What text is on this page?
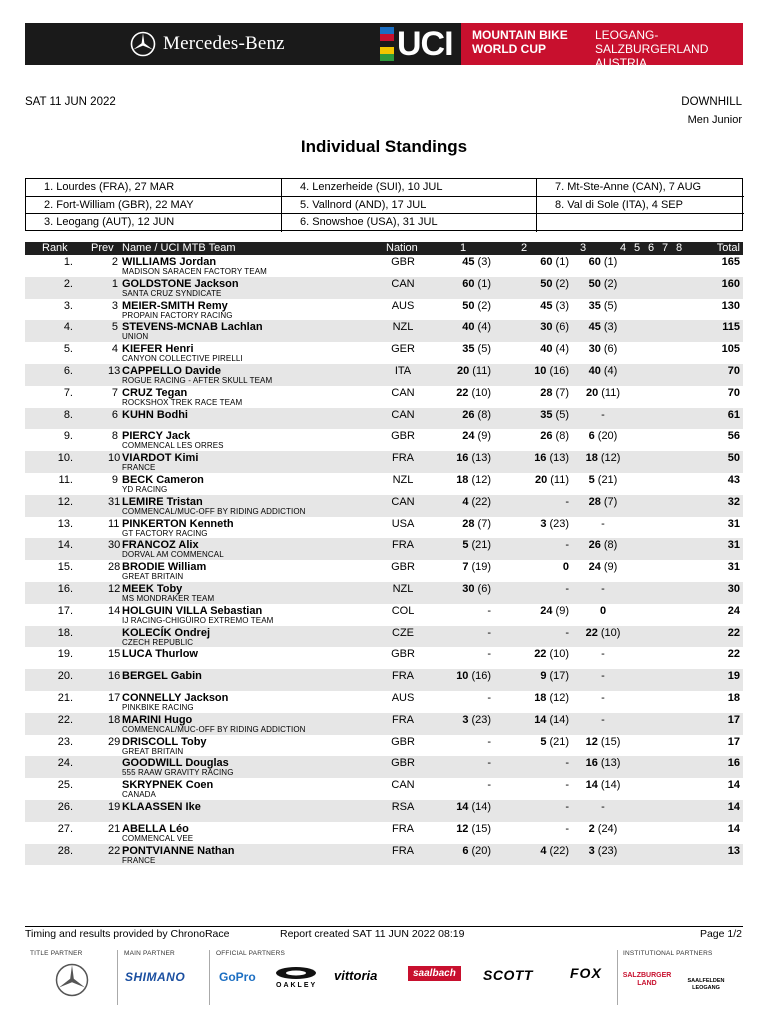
Mercedes-Benz	UCI MOUNTAIN BIKE
WORLD CUP
LEOGANG-SALZBURGERLAND
AUSTRIA
SAT 11 JUN 2022	DOWNHILL
Men Junior
Individual Standings
1. Lourdes (FRA), 27 MAR	4. Lenzerheide (SUI), 10 JUL	7. Mt-Ste-Anne (CAN), 7 AUG
2. Fort-William (GBR), 22 MAY	5. Vallnord (AND), 17 JUL	8. Val di Sole (ITA), 4 SEP
3. Leogang (AUT), 12 JUN	6. Snowshoe (USA), 31 JUL
Rank Prev Name / UCI MTB Team	Nation	1	2	3	4 5 6 7 8	Total
1.	2 WILLIAMS Jordan
MADISON SARACEN FACTORY TEAM
GBR	45 (3)	60 (1)	60 (1)	165
2.	1 GOLDSTONE Jackson
SANTA CRUZ SYNDICATE
CAN	60 (1)	50 (2)	50 (2)	160
3.	3 MEIER-SMITH Remy
PROPAIN FACTORY RACING
AUS	50 (2)	45 (3)	35 (5)	130
4.	5 STEVENS-MCNAB Lachlan
UNION
NZL	40 (4)	30 (6)	45 (3)	115
5.	4 KIEFER Henri
CANYON COLLECTIVE PIRELLI
GER	35 (5)	40 (4)	30 (6)	105
6.	13 CAPPELLO Davide
ROGUE RACING - AFTER SKULL TEAM
ITA	20 (11)	10 (16)	40 (4)	70
7.	7 CRUZ Tegan
ROCKSHOX TREK RACE TEAM
CAN	22 (10)	28 (7)	20 (11)	70
8.	6 KUHN Bodhi	CAN	26 (8)	35 (5)	-	61
9.	8 PIERCY Jack
COMMENCAL LES ORRES
GBR	24 (9)	26 (8)	6 (20)	56
10.	10 VIARDOT Kimi
FRANCE
FRA	16 (13)	16 (13)	18 (12)	50
11.	9 BECK Cameron
YD RACING
NZL	18 (12)	20 (11)	5 (21)	43
12.	31 LEMIRE Tristan
COMMENCAL/MUC-OFF BY RIDING ADDICTION
CAN	4 (22)	-	28 (7)	32
13.	11 PINKERTON Kenneth
GT FACTORY RACING
USA	28 (7)	3 (23)	-	31
14.	30 FRANCOZ Alix
DORVAL AM COMMENCAL
FRA	5 (21)	-	26 (8)	31
15.	28 BRODIE William
GREAT BRITAIN
GBR	7 (19)	0	24 (9)	31
16.	12 MEEK Toby
MS MONDRAKER TEAM
NZL	30 (6)	-	-	30
17.	14 HOLGUIN VILLA Sebastian
IJ RACING-CHIGÜIRO EXTREMO TEAM
COL	-	24 (9)	0	24
18.	KOLECÍK Ondrej
CZECH REPUBLIC
CZE	-	-	22 (10)	22
19.	15 LUCA Thurlow	GBR	-	22 (10)	-	22
20.	16 BERGEL Gabin	FRA	10 (16)	9 (17)	-	19
21.	17 CONNELLY Jackson
PINKBIKE RACING
AUS	-	18 (12)	-	18
22.	18 MARINI Hugo
COMMENCAL/MUC-OFF BY RIDING ADDICTION
FRA	3 (23)	14 (14)	-	17
23.	29 DRISCOLL Toby
GREAT BRITAIN
GBR	-	5 (21)	12 (15)	17
24.	GOODWILL Douglas
555 RAAW GRAVITY RACING
GBR	-	-	16 (13)	16
25.	SKRYPNEK Coen
CANADA
CAN	-	-	14 (14)	14
26.	19 KLAASSEN Ike	RSA	14 (14)	-	-	14
27.	21 ABELLA Léo
COMMENCAL VEE
FRA	12 (15)	-	2 (24)	14
28.	22 PONTVIANNE Nathan
FRANCE
FRA	6 (20)	4 (22)	3 (23)	13
Timing and results provided by ChronoRace	Report created SAT 11 JUN 2022 08:19	Page 1/2
TITLE PARTNER	MAIN PARTNER	OFFICIAL PARTNERS	INSTITUTIONAL PARTNERS
SHIMANO	GoPro
OAKLEY
vittoria	saalbach	SCOTT	FOX	SALZBURGER LAND	SAALFELDEN LEOGANG
